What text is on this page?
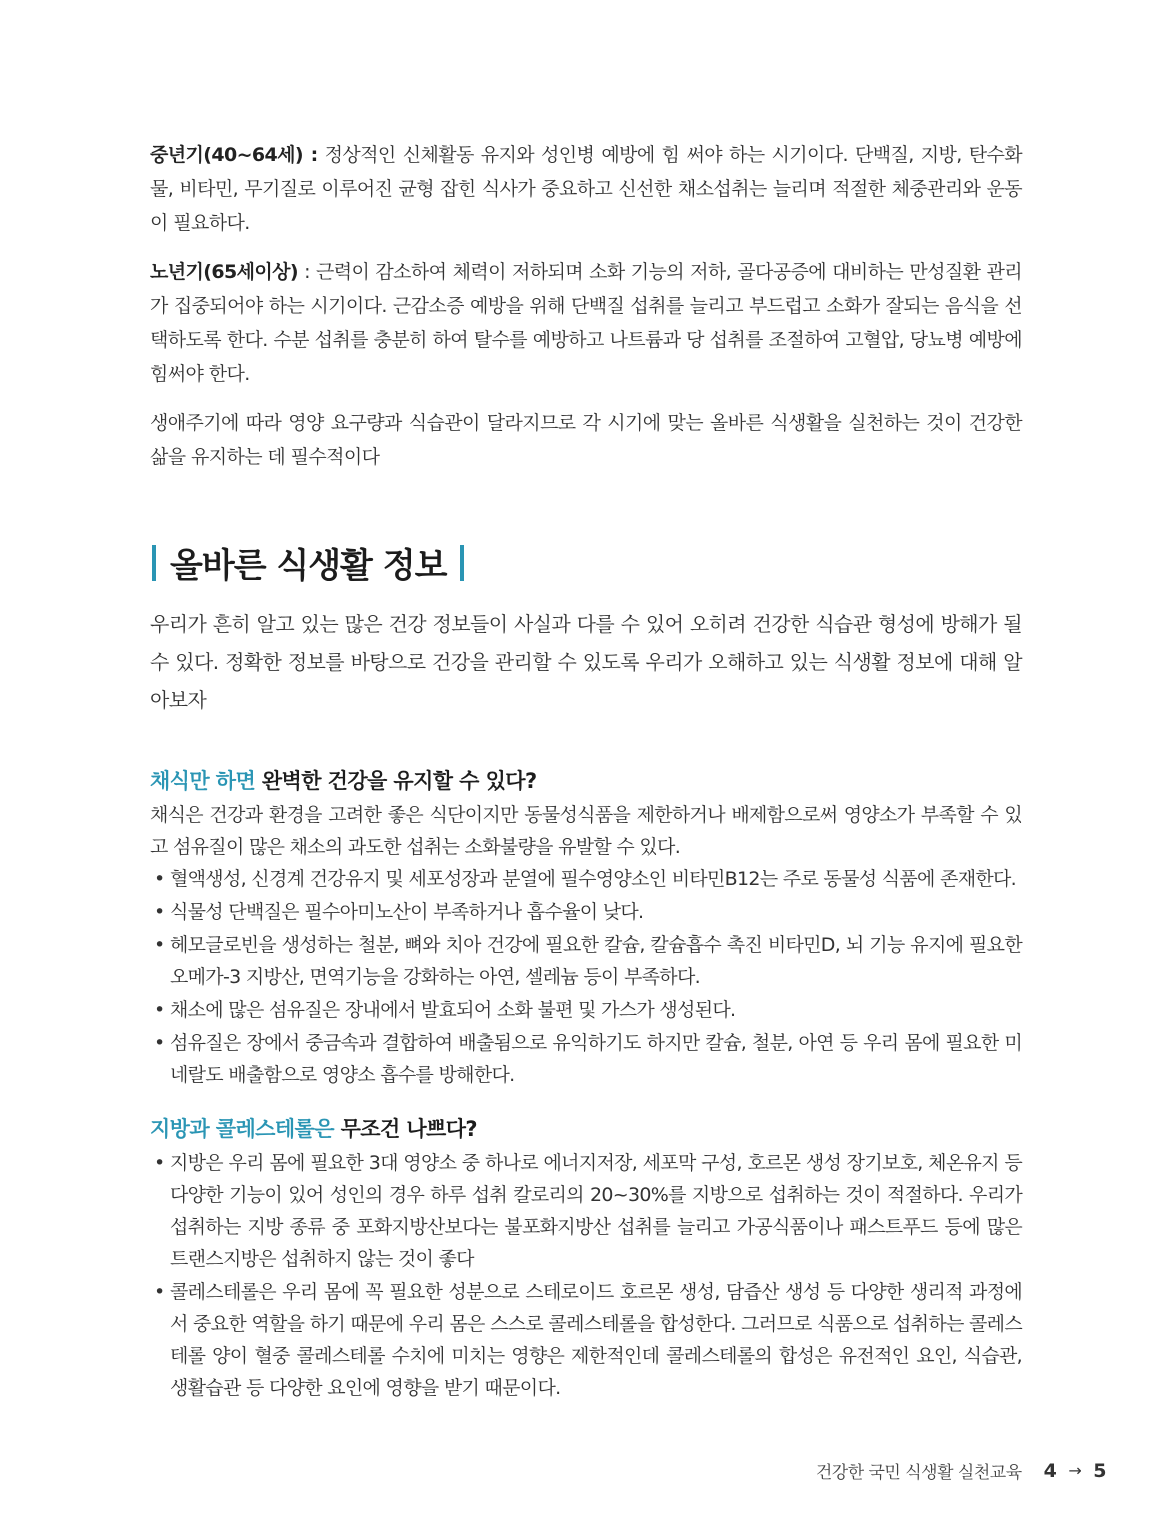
중년기(40~64세) : 정상적인 신체활동 유지와 성인병 예방에 힘 써야 하는 시기이다. 단백질, 지방, 탄수화물, 비타민, 무기질로 이루어진 균형 잡힌 식사가 중요하고 신선한 채소섭취는 늘리며 적절한 체중관리와 운동이 필요하다.

노년기(65세이상) : 근력이 감소하여 체력이 저하되며 소화 기능의 저하, 골다공증에 대비하는 만성질환 관리가 집중되어야 하는 시기이다. 근감소증 예방을 위해 단백질 섭취를 늘리고 부드럽고 소화가 잘되는 음식을 선택하도록 한다. 수분 섭취를 충분히 하여 탈수를 예방하고 나트륨과 당 섭취를 조절하여 고혈압, 당뇨병 예방에 힘써야 한다.

생애주기에 따라 영양 요구량과 식습관이 달라지므로 각 시기에 맞는 올바른 식생활을 실천하는 것이 건강한 삶을 유지하는 데 필수적이다

올바른 식생활 정보

우리가 흔히 알고 있는 많은 건강 정보들이 사실과 다를 수 있어 오히려 건강한 식습관 형성에 방해가 될 수 있다. 정확한 정보를 바탕으로 건강을 관리할 수 있도록 우리가 오해하고 있는 식생활 정보에 대해 알아보자

채식만 하면 완벽한 건강을 유지할 수 있다?

채식은 건강과 환경을 고려한 좋은 식단이지만 동물성식품을 제한하거나 배제함으로써 영양소가 부족할 수 있고 섬유질이 많은 채소의 과도한 섭취는 소화불량을 유발할 수 있다.

• 혈액생성, 신경계 건강유지 및 세포성장과 분열에 필수영양소인 비타민B12는 주로 동물성 식품에 존재한다.
• 식물성 단백질은 필수아미노산이 부족하거나 흡수율이 낮다.
• 헤모글로빈을 생성하는 철분, 뼈와 치아 건강에 필요한 칼슘, 칼슘흡수 촉진 비타민D, 뇌 기능 유지에 필요한 오메가-3 지방산, 면역기능을 강화하는 아연, 셀레늄 등이 부족하다.
• 채소에 많은 섬유질은 장내에서 발효되어 소화 불편 및 가스가 생성된다.
• 섬유질은 장에서 중금속과 결합하여 배출됨으로 유익하기도 하지만 칼슘, 철분, 아연 등 우리 몸에 필요한 미네랄도 배출함으로 영양소 흡수를 방해한다.
지방과 콜레스테롤은 무조건 나쁘다?
• 지방은 우리 몸에 필요한 3대 영양소 중 하나로 에너지저장, 세포막 구성, 호르몬 생성 장기보호, 체온유지 등 다양한 기능이 있어 성인의 경우 하루 섭취 칼로리의 20~30%를 지방으로 섭취하는 것이 적절하다. 우리가 섭취하는 지방 종류 중 포화지방산보다는 불포화지방산 섭취를 늘리고 가공식품이나 패스트푸드 등에 많은 트랜스지방은 섭취하지 않는 것이 좋다
• 콜레스테롤은 우리 몸에 꼭 필요한 성분으로 스테로이드 호르몬 생성, 담즙산 생성 등 다양한 생리적 과정에서 중요한 역할을 하기 때문에 우리 몸은 스스로 콜레스테롤을 합성한다. 그러므로 식품으로 섭취하는 콜레스테롤 양이 혈중 콜레스테롤 수치에 미치는 영향은 제한적인데 콜레스테롤의 합성은 유전적인 요인, 식습관, 생활습관 등 다양한 요인에 영향을 받기 때문이다.
건강한 국민 식생활 실천교육 4 → 5
